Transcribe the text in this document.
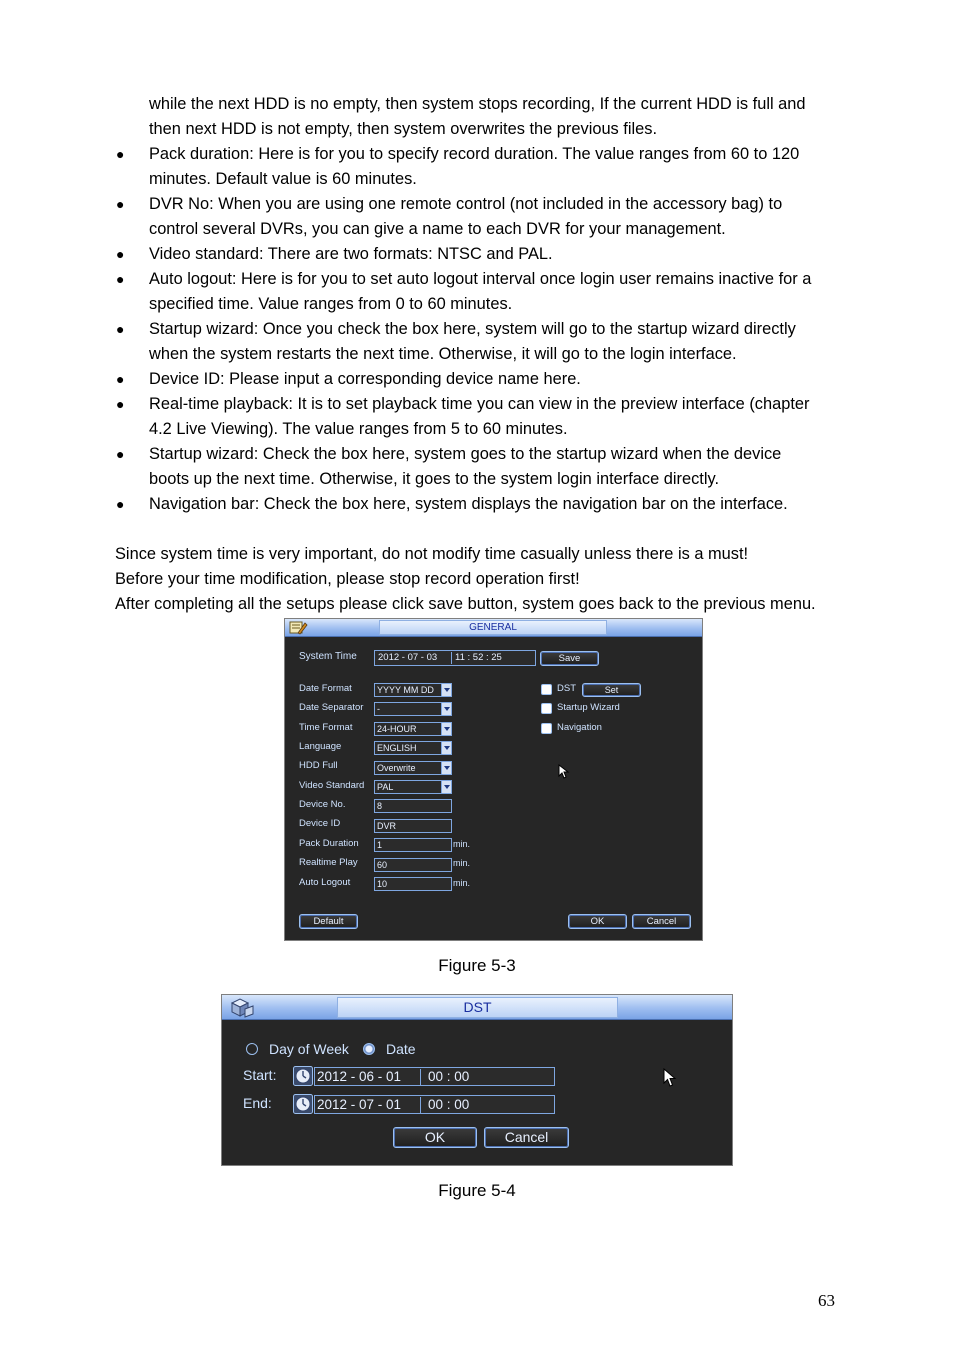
while the next HDD is no empty, then system stops recording, If the current HDD is full and
then next HDD is not empty, then system overwrites the previous files.

● Pack duration: Here is for you to specify record duration. The value ranges from 60 to 120
minutes. Default value is 60 minutes.

● DVR No: When you are using one remote control (not included in the accessory bag) to
control several DVRs, you can give a name to each DVR for your management.

● Video standard: There are two formats: NTSC and PAL.

● Auto logout: Here is for you to set auto logout interval once login user remains inactive for a
specified time. Value ranges from 0 to 60 minutes.

● Startup wizard: Once you check the box here, system will go to the startup wizard directly
when the system restarts the next time. Otherwise, it will go to the login interface.

● Device ID: Please input a corresponding device name here.

● Real-time playback: It is to set playback time you can view in the preview interface (chapter
4.2 Live Viewing). The value ranges from 5 to 60 minutes.

● Startup wizard: Check the box here, system goes to the startup wizard when the device
boots up the next time. Otherwise, it goes to the system login interface directly.

● Navigation bar: Check the box here, system displays the navigation bar on the interface.

Since system time is very important, do not modify time casually unless there is a must!
Before your time modification, please stop record operation first!
After completing all the setups please click save button, system goes back to the previous menu.
GENERAL
System Time	2012 - 07 - 03 11 : 52 : 25	Save
Date Format	YYYY MM DD
Date Separator	-
Time Format	24-HOUR
Language	ENGLISH
HDD Full	Overwrite
Video Standard	PAL
Device No.	8
Device ID	DVR
Pack Duration	1	min.
Realtime Play	60	min.
Auto Logout	10	min.
DST	Set
Startup Wizard
Navigation
Default	OK	Cancel
Figure 5-3
DST
Day of Week	Date
Start:	2012 - 06 - 01 00 : 00
End:	2012 - 07 - 01 00 : 00
OK	Cancel
Figure 5-4
63
